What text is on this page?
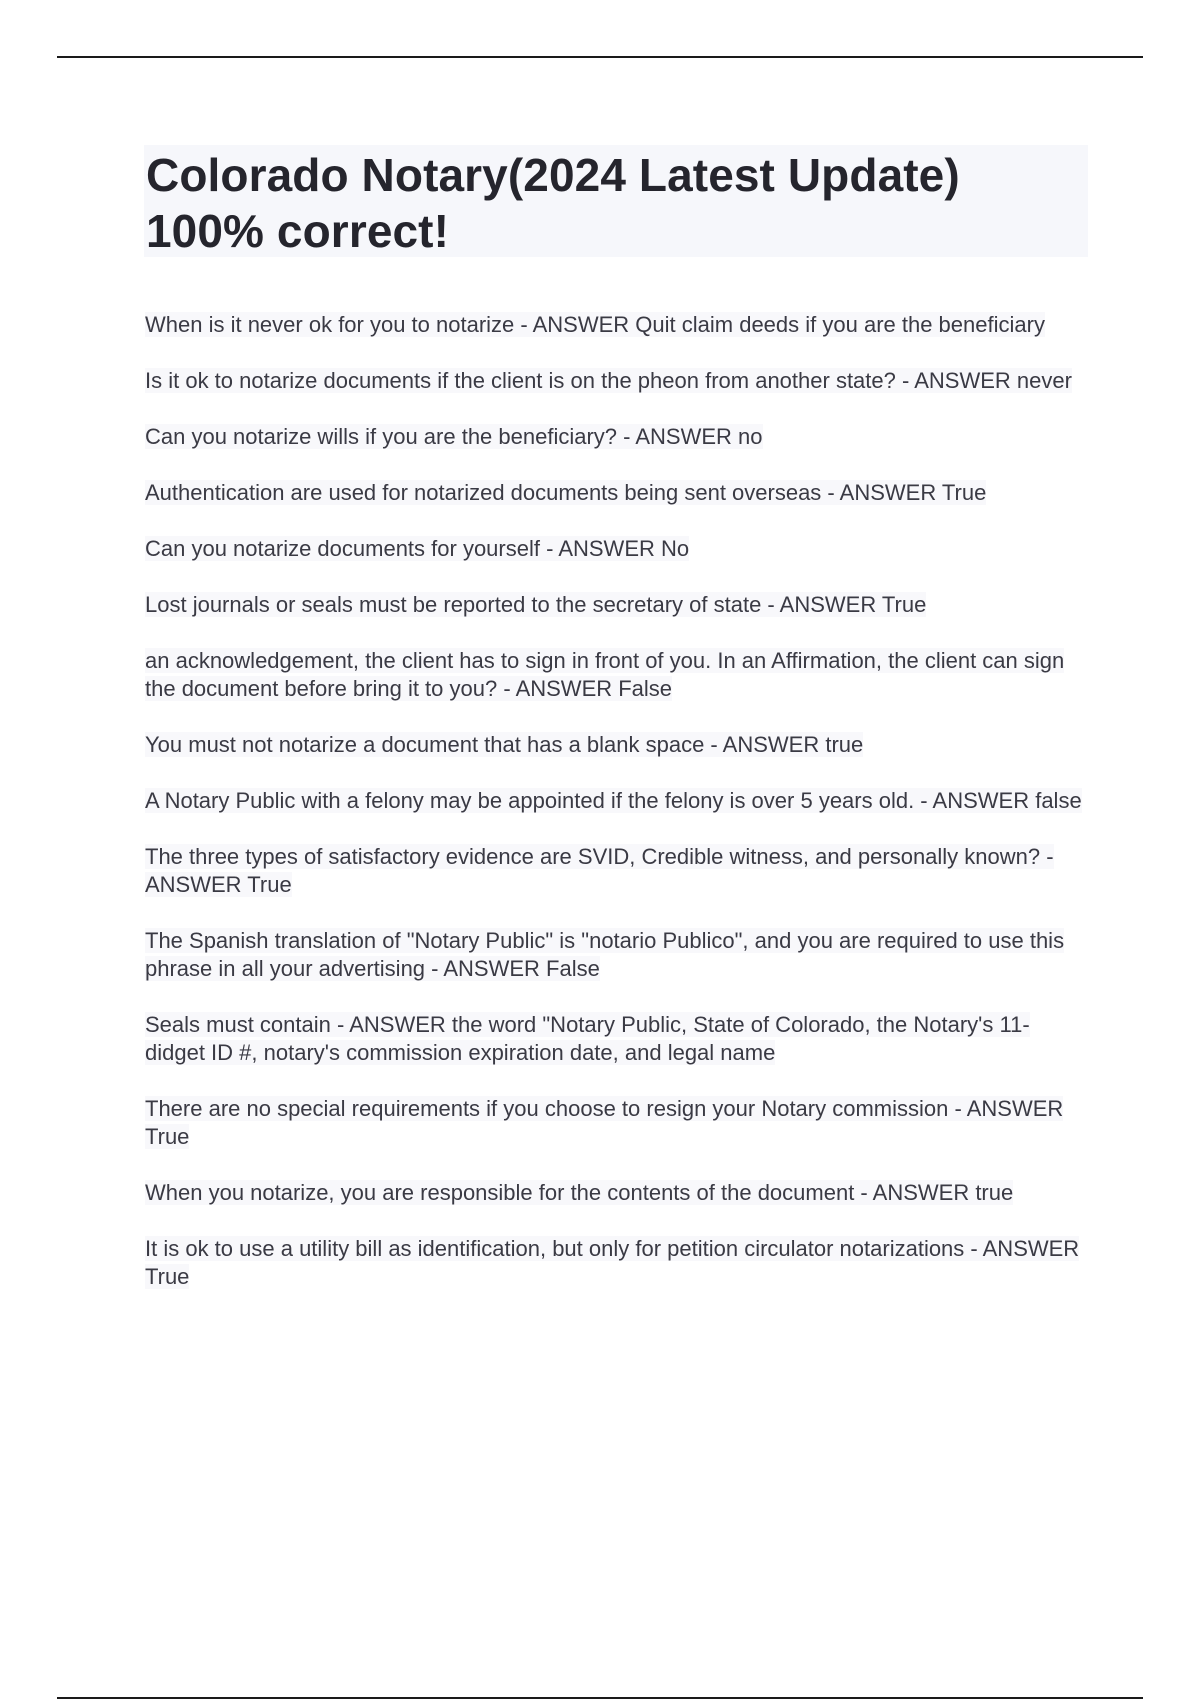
Colorado Notary(2024 Latest Update) 100% correct!
When is it never ok for you to notarize - ANSWER Quit claim deeds if you are the beneficiary
Is it ok to notarize documents if the client is on the pheon from another state? - ANSWER never
Can you notarize wills if you are the beneficiary? - ANSWER no
Authentication are used for notarized documents being sent overseas - ANSWER True
Can you notarize documents for yourself - ANSWER No
Lost journals or seals must be reported to the secretary of state - ANSWER True
an acknowledgement, the client has to sign in front of you. In an Affirmation, the client can sign the document before bring it to you? - ANSWER False
You must not notarize a document that has a blank space - ANSWER true
A Notary Public with a felony may be appointed if the felony is over 5 years old. - ANSWER false
The three types of satisfactory evidence are SVID, Credible witness, and personally known? - ANSWER True
The Spanish translation of "Notary Public" is "notario Publico", and you are required to use this phrase in all your advertising - ANSWER False
Seals must contain - ANSWER the word "Notary Public, State of Colorado, the Notary's 11-didget ID #, notary's commission expiration date, and legal name
There are no special requirements if you choose to resign your Notary commission - ANSWER True
When you notarize, you are responsible for the contents of the document - ANSWER true
It is ok to use a utility bill as identification, but only for petition circulator notarizations - ANSWER True
